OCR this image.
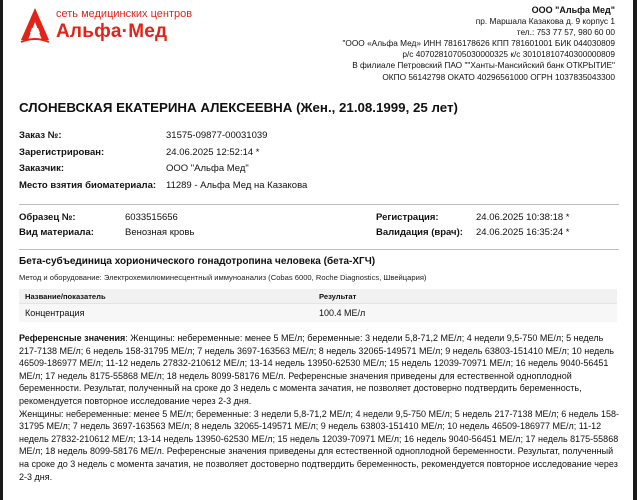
сеть медицинских центров
Альфа·Мед
ООО "Альфа Мед"
пр. Маршала Казакова д. 9 корпус 1
тел.: 753 77 57, 980 60 00
"ООО «Альфа Мед» ИНН 7816178626 КПП 781601001 БИК 044030809
р/с 40702810705030000325 к/с 30101810740300000809
В филиале Петровский ПАО ""Ханты-Мансийский банк ОТКРЫТИЕ"
ОКПО 56142798 ОКАТО 40296561000 ОГРН 1037835043300
СЛОНЕВСКАЯ ЕКАТЕРИНА АЛЕКСЕЕВНА (Жен., 21.08.1999, 25 лет)
Заказ №:	31575-09877-00031039
Зарегистрирован:	24.06.2025 12:52:14 *
Заказчик:	ООО "Альфа Мед"
Место взятия биоматериала: 11289 - Альфа Мед на Казакова
Образец №:	6033515656
Вид материала:	Венозная кровь
Регистрация:	24.06.2025 10:38:18 *
Валидация (врач): 24.06.2025 16:35:24 *
Бета-субъединица хорионического гонадотропина человека (бета-ХГЧ)
Метод и оборудование: Электрохемилюминесцентный иммуноанализ (Cobas 6000, Roche Diagnostics, Швейцария)
Название/показатель	Результат
Концентрация	100.4 МЕ/л

Референсные значения: Женщины: небеременные: менее 5 МЕ/л; беременные: 3 недели 5,8-71,2 МЕ/л; 4 недели 9,5-750 МЕ/л; 5 недель 217-7138 МЕ/л; 6 недель 158-31795 МЕ/л; 7 недель 3697-163563 МЕ/л; 8 недель 32065-149571 МЕ/л; 9 недель 63803-151410 МЕ/л; 10 недель 46509-186977 МЕ/л; 11-12 недель 27832-210612 МЕ/л; 13-14 недель 13950-62530 МЕ/л; 15 недель 12039-70971 МЕ/л; 16 недель 9040-56451 МЕ/л; 17 недель 8175-55868 МЕ/л; 18 недель 8099-58176 МЕ/л. Референсные значения приведены для естественной одноплодной беременности. Результат, полученный на сроке до 3 недель с момента зачатия, не позволяет достоверно подтвердить беременность, рекомендуется повторное исследование через 2-3 дня.

Женщины: небеременные: менее 5 МЕ/л; беременные: 3 недели 5,8-71,2 МЕ/л; 4 недели 9,5-750 МЕ/л; 5 недель 217-7138 МЕ/л; 6 недель 158-31795 МЕ/л; 7 недель 3697-163563 МЕ/л; 8 недель 32065-149571 МЕ/л; 9 недель 63803-151410 МЕ/л; 10 недель 46509-186977 МЕ/л; 11-12 недель 27832-210612 МЕ/л; 13-14 недель 13950-62530 МЕ/л; 15 недель 12039-70971 МЕ/л; 16 недель 9040-56451 МЕ/л; 17 недель 8175-55868 МЕ/л; 18 недель 8099-58176 МЕ/л. Референсные значения приведены для естественной одноплодной беременности. Результат, полученный на сроке до 3 недель с момента зачатия, не позволяет достоверно подтвердить беременность, рекомендуется повторное исследование через 2-3 дня.
